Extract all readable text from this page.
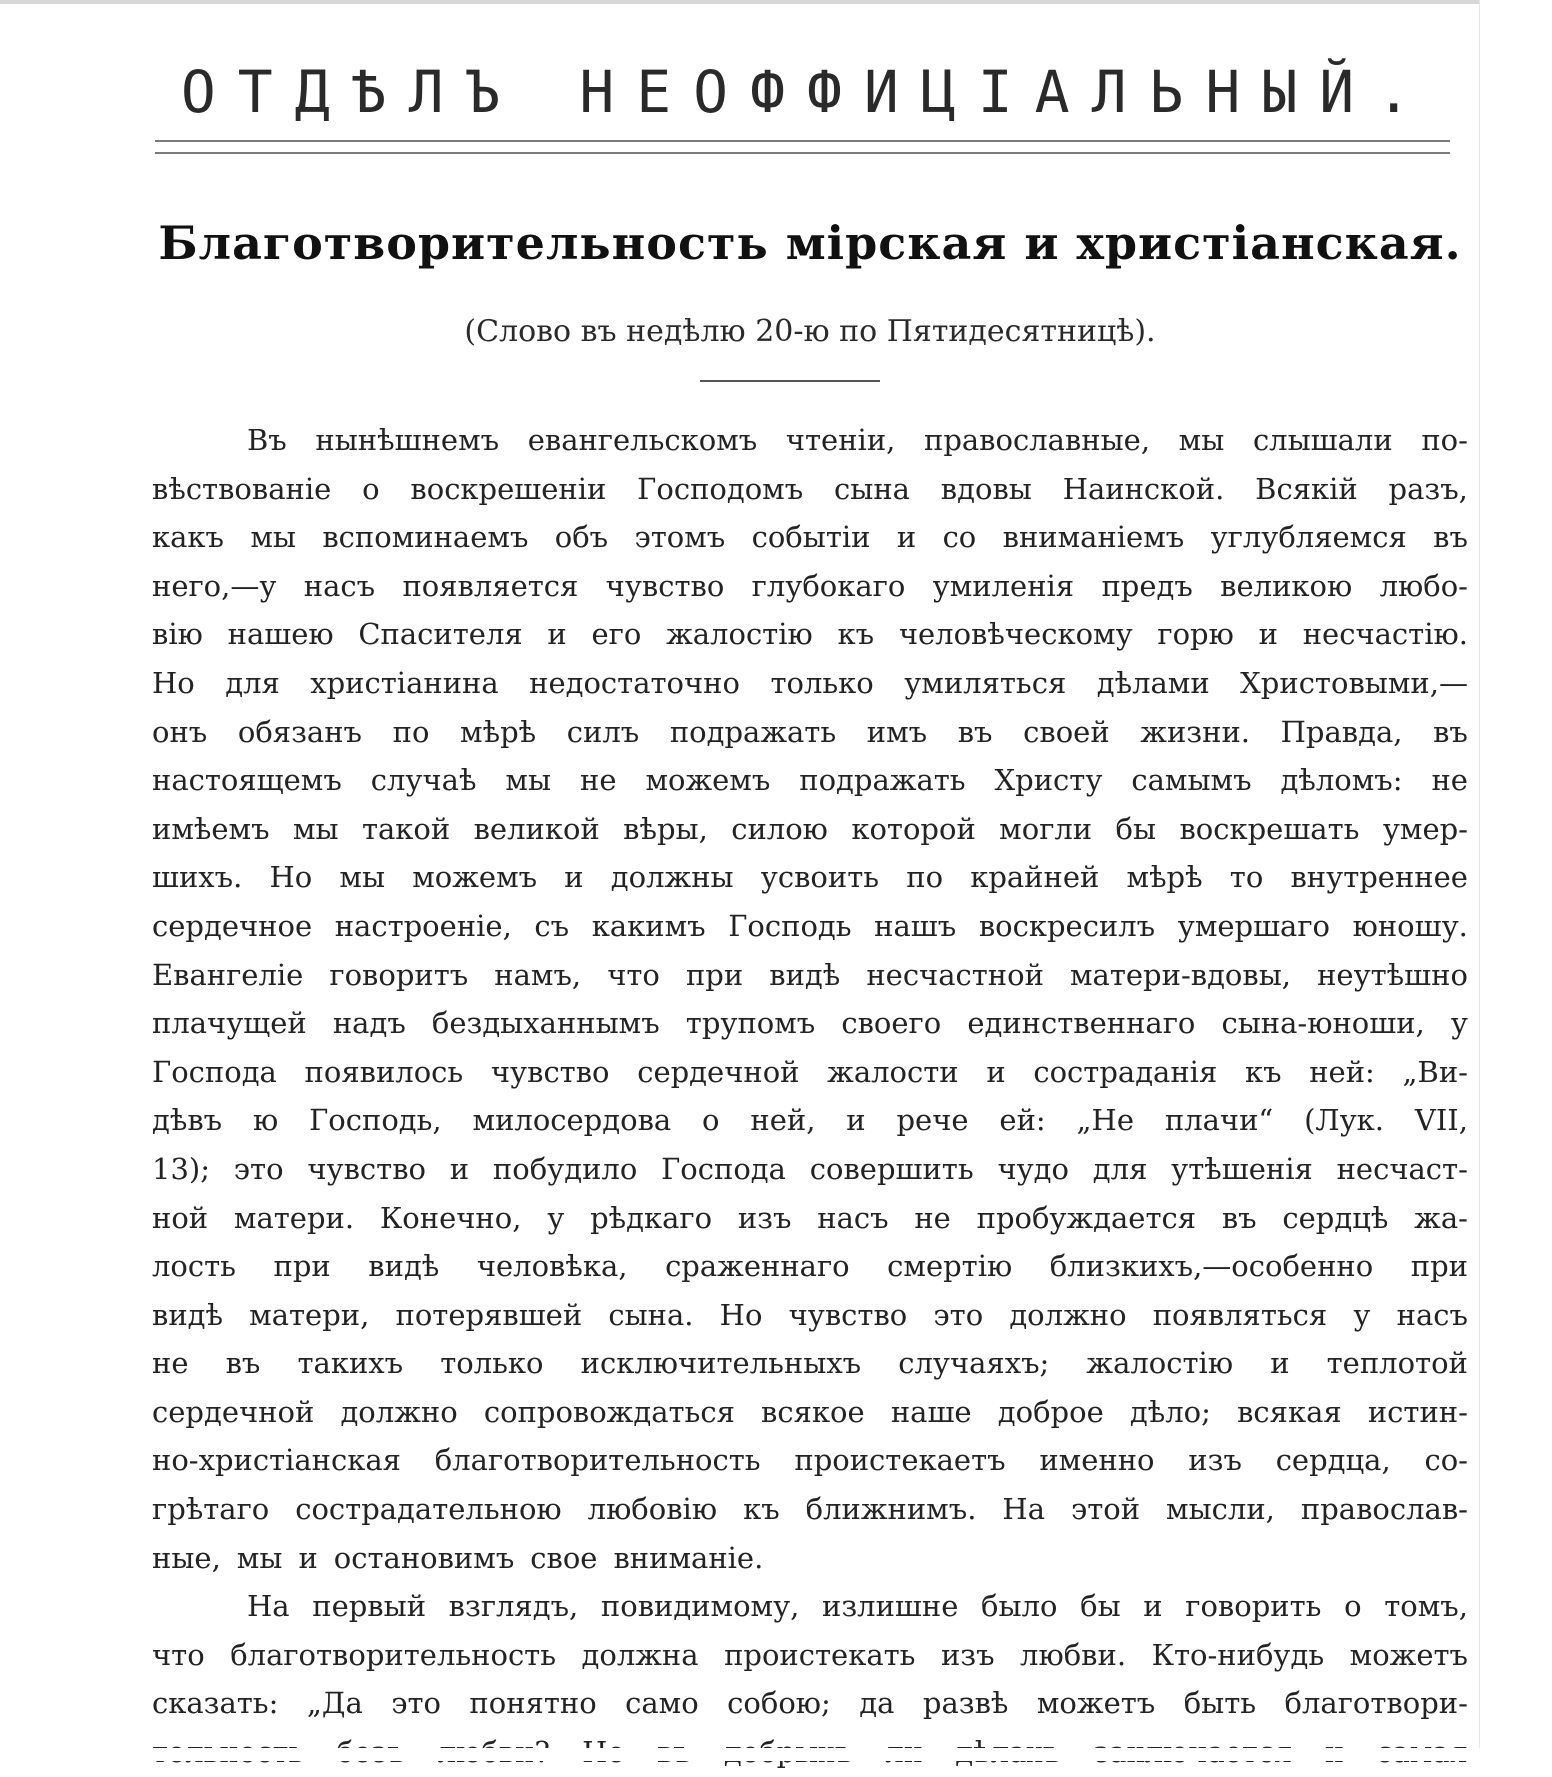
ОТДѢЛЪ НЕОФФИЦІАЛЬНЫЙ.
Благотворительность мірская и христіанская.
(Слово въ недѣлю 20-ю по Пятидесятницѣ).
Въ нынѣшнемъ евангельскомъ чтеніи, православные, мы слышали по-
вѣствованіе о воскрешеніи Господомъ сына вдовы Наинской. Всякій разъ,
какъ мы вспоминаемъ объ этомъ событіи и со вниманіемъ углубляемся въ
него,—у насъ появляется чувство глубокаго умиленія предъ великою любо-
вію нашею Спасителя и его жалостію къ человѣческому горю и несчастію.
Но для христіанина недостаточно только умиляться дѣлами Христовыми,—
онъ обязанъ по мѣрѣ силъ подражать имъ въ своей жизни. Правда, въ
настоящемъ случаѣ мы не можемъ подражать Христу самымъ дѣломъ: не
имѣемъ мы такой великой вѣры, силою которой могли бы воскрешать умер-
шихъ. Но мы можемъ и должны усвоить по крайней мѣрѣ то внутреннее
сердечное настроеніе, съ какимъ Господь нашъ воскресилъ умершаго юношу.
Евангеліе говоритъ намъ, что при видѣ несчастной матери-вдовы, неутѣшно
плачущей надъ бездыханнымъ трупомъ своего единственнаго сына-юноши, у
Господа появилось чувство сердечной жалости и состраданія къ ней: „Ви-
дѣвъ ю Господь, милосердова о ней, и рече ей: „Не плачи“ (Лук. VII,
13); это чувство и побудило Господа совершить чудо для утѣшенія несчаст-
ной матери. Конечно, у рѣдкаго изъ насъ не пробуждается въ сердцѣ жа-
лость при видѣ человѣка, сраженнаго смертію близкихъ,—особенно при
видѣ матери, потерявшей сына. Но чувство это должно появляться у насъ
не въ такихъ только исключительныхъ случаяхъ; жалостію и теплотой
сердечной должно сопровождаться всякое наше доброе дѣло; всякая истин-
но-христіанская благотворительность проистекаетъ именно изъ сердца, со-
грѣтаго сострадательною любовію къ ближнимъ. На этой мысли, православ-
ные, мы и остановимъ свое вниманіе.
На первый взглядъ, повидимому, излишне было бы и говорить о томъ,
что благотворительность должна проистекать изъ любви. Кто-нибудь можетъ
сказать: „Да это понятно само собою; да развѣ можетъ быть благотвори-
